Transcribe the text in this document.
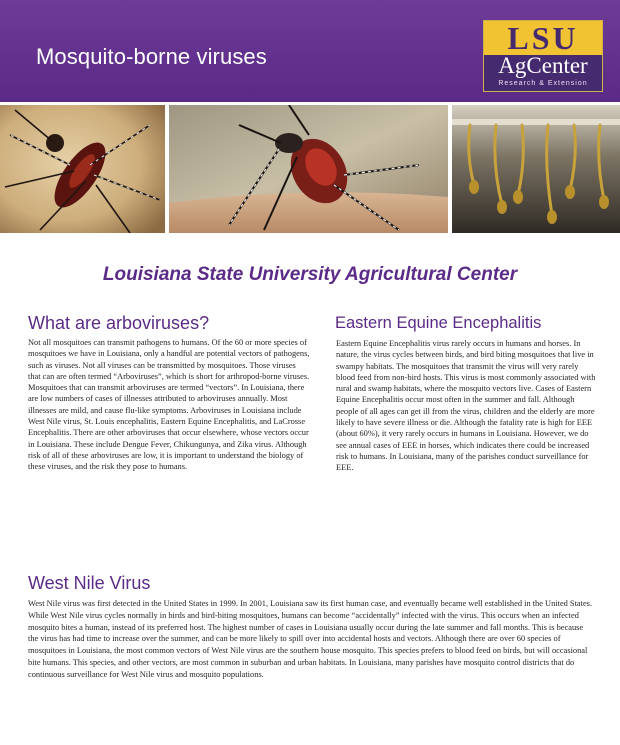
Mosquito-borne viruses
LSU
AgCenter
Research & Extension
Louisiana State University Agricultural Center
What are arboviruses?

Not all mosquitoes can transmit pathogens to humans. Of the 60 or more species of mosquitoes we have in Louisiana, only a handful are potential vectors of pathogens, such as viruses. Not all viruses can be transmitted by mosquitoes. Those viruses that can are often termed “Arboviruses”, which is short for arthropod-borne viruses. Mosquitoes that can transmit arboviruses are termed “vectors”. In Louisiana, there are low numbers of cases of illnesses attributed to arboviruses annually. Most illnesses are mild, and cause flu-like symptoms. Arboviruses in Louisiana include West Nile virus, St. Louis encephalitis, Eastern Equine Encephalitis, and LaCrosse Encephalitis. There are other arboviruses that occur elsewhere, whose vectors occur in Louisiana. These include Dengue Fever, Chikungunya, and Zika virus. Although risk of all of these arboviruses are low, it is important to understand the biology of these viruses, and the risk they pose to humans.

Eastern Equine Encephalitis

Eastern Equine Encephalitis virus rarely occurs in humans and horses. In nature, the virus cycles between birds, and bird biting mosquitoes that live in swampy habitats. The mosquitoes that transmit the virus will very rarely blood feed from non-bird hosts. This virus is most commonly associated with rural and swamp habitats, where the mosquito vectors live. Cases of Eastern Equine Encephalitis occur most often in the summer and fall. Although people of all ages can get ill from the virus, children and the elderly are more likely to have severe illness or die. Although the fatality rate is high for EEE (about 60%), it very rarely occurs in humans in Louisiana. However, we do see annual cases of EEE in horses, which indicates there could be increased risk to humans. In Louisiana, many of the parishes conduct surveillance for EEE.

West Nile Virus

West Nile virus was first detected in the United States in 1999. In 2001, Louisiana saw its first human case, and eventually became well established in the United States. While West Nile virus cycles normally in birds and bird-biting mosquitoes, humans can become “accidentally” infected with the virus. This occurs when an infected mosquito bites a human, instead of its preferred host. The highest number of cases in Louisiana usually occur during the late summer and fall months. This is because the virus has had time to increase over the summer, and can be more likely to spill over into accidental hosts and vectors. Although there are over 60 species of mosquitoes in Louisiana, the most common vectors of West Nile virus are the southern house mosquito. This species prefers to blood feed on birds, but will occasional bite humans. This species, and other vectors, are most common in suburban and urban habitats. In Louisiana, many parishes have mosquito control districts that do continuous surveillance for West Nile virus and mosquito populations.
